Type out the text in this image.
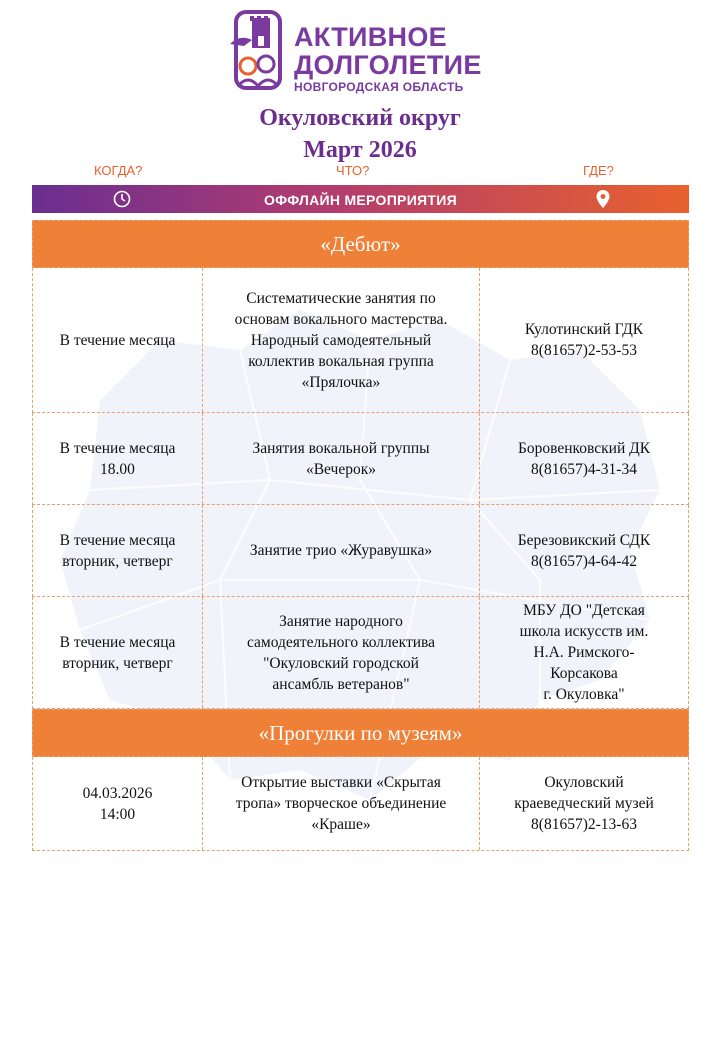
АКТИВНОЕ
ДОЛГОЛЕТИЕ
НОВГОРОДСКАЯ ОБЛАСТЬ
Окуловский округ
Март 2026
КОГДА?	ЧТО?	ГДЕ?
ОФФЛАЙН МЕРОПРИЯТИЯ
«Дебют»
В течение месяца
Систематические занятия по
основам вокального мастерства.
Народный самодеятельный
коллектив вокальная группа
«Прялочка»
Кулотинский ГДК
8(81657)2-53-53
В течение месяца
18.00
Занятия вокальной группы
«Вечерок»
Боровенковский ДК
8(81657)4-31-34
В течение месяца
вторник, четверг
Занятие трио «Журавушка»
Березовикский СДК
8(81657)4-64-42
В течение месяца
вторник, четверг
Занятие народного
самодеятельного коллектива
"Окуловский городской
ансамбль ветеранов"
МБУ ДО "Детская
школа искусств им.
Н.А. Римского-
Корсакова
г. Окуловка"
«Прогулки по музеям»
04.03.2026
14:00
Открытие выставки «Скрытая
тропа» творческое объединение
«Краше»
Окуловский
краеведческий музей
8(81657)2-13-63
